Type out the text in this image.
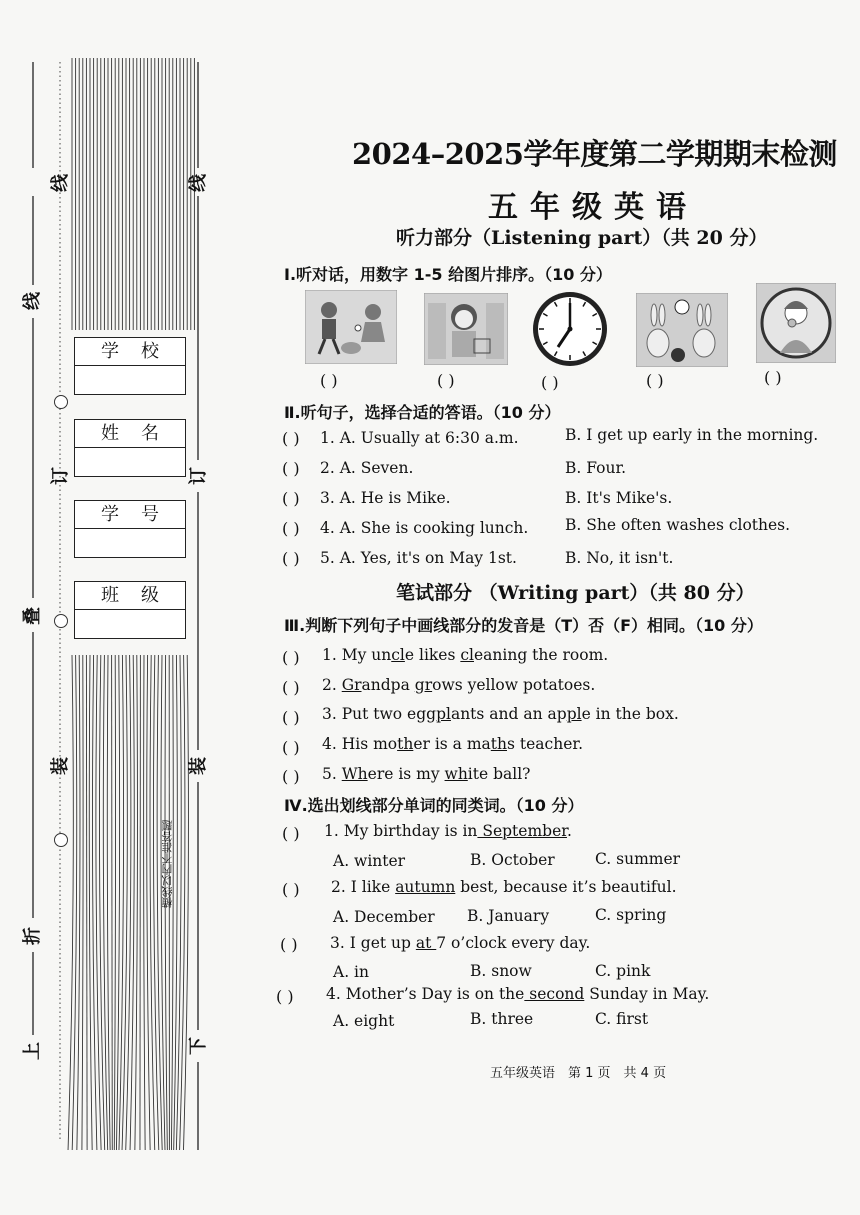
线
叠
折
上
线
订
装
线
订
装
下
学校
姓名
学号
班级
横线以内不准答题
2024–2025学年度第二学期期末检测
五年级英语
听力部分（Listening part）（共 20 分）
Ⅰ.听对话，用数字 1-5 给图片排序。（10 分）
( )	( )	( )	( )	( )
Ⅱ.听句子，选择合适的答语。（10 分）
( ) 1. A. Usually at 6:30 a.m.	B. I get up early in the morning.
( ) 2. A. Seven.	B. Four.
( ) 3. A. He is Mike.	B. It's Mike's.
( ) 4. A. She is cooking lunch. B. She often washes clothes.
( ) 5. A. Yes, it's on May 1st.	B. No, it isn't.
笔试部分 （Writing part）（共 80 分）
Ⅲ.判断下列句子中画线部分的发音是（T）否（F）相同。（10 分）
( ) 1. My uncle likes cleaning the room.
( ) 2. Grandpa grows yellow potatoes.
( ) 3. Put two eggplants and an apple in the box.
( ) 4. His mother is a maths teacher.
( ) 5. Where is my white ball?
Ⅳ.选出划线部分单词的同类词。（10 分）
( ) 1. My birthday is in September.
A. winter	B. October	C. summer
( ) 2. I like autumn best, because it’s beautiful.
A. December B. January	C. spring
( ) 3. I get up at 7 o’clock every day.
A. in	B. snow	C. pink
( ) 4. Mother’s Day is on the second Sunday in May.
A. eight	B. three	C. first
五年级英语　第 1 页　共 4 页
